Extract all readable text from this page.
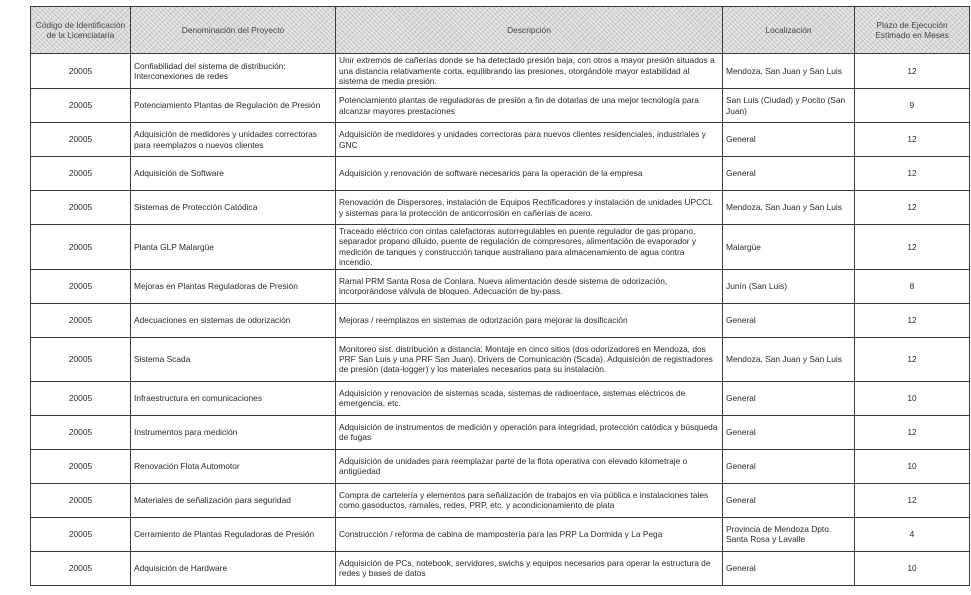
Código de Identificación de la Licenciataria	Denominación del Proyecto	Descripción	Localización	Plazo de Ejecución Estimado en Meses
20005	Confiabilidad del sistema de distribución: Interconexiones de redes	Unir extremos de cañerías donde se ha detectado presión baja, con otros a mayor presión situados a una distancia relativamente corta, equilibrando las presiones, otorgándole mayor estabilidad al sistema de media presión.	Mendoza, San Juan y San Luis	12
20005	Potenciamiento Plantas de Regulación de Presión	Potenciamiento plantas de reguladoras de presión a fin de dotarlas de una mejor tecnología para alcanzar mayores prestaciones	San Luis (Ciudad) y Pocito (San Juan)	9
20005	Adquisición de medidores y unidades correctoras para reemplazos o nuevos clientes	Adquisición de medidores y unidades correctoras para nuevos clientes residenciales, industriales y GNC	General	12
20005	Adquisición de Software	Adquisición y renovación de software necesarios para la operación de la empresa	General	12
20005	Sistemas de Protección Catódica	Renovación de Dispersores, instalación de Equipos Rectificadores y instalación de unidades UPCCL y sistemas para la protección de anticorrosión en cañerías de acero.	Mendoza, San Juan y San Luis	12
20005	Planta GLP Malargüe	Traceado eléctrico con cintas calefactoras autorregulables en puente regulador de gas propano, separador propano diluido, puente de regulación de compresores, alimentación de evaporador y medición de tanques y construcción tanque australiano para almacenamiento de agua contra incendio.	Malargüe	12
20005	Mejoras en Plantas Reguladoras de Presión	Ramal PRM Santa Rosa de Conlara. Nueva alimentación desde sistema de odorización, incorporándose válvula de bloqueo. Adecuación de by-pass.	Junín (San Luis)	8
20005	Adecuaciones en sistemas de odorización	Mejoras / reemplazos en sistemas de odorización para mejorar la dosificación	General	12
20005	Sistema Scada	Monitoreo sist. distribución a distancia: Montaje en cinco sitios (dos odorizadores en Mendoza, dos PRF San Luis y una PRF San Juan). Drivers de Comunicación (Scada). Adquisición de registradores de presión (data-logger) y los materiales necesarios para su instalación.	Mendoza, San Juan y San Luis	12
20005	Infraestructura en comunicaciones	Adquisición y renovación de sistemas scada, sistemas de radioenlace, sistemas eléctricos de emergencia, etc.	General	10
20005	Instrumentos para medición	Adquisición de instrumentos de medición y operación para integridad, protección catódica y búsqueda de fugas	General	12
20005	Renovación Flota Automotor	Adquisición de unidades para reemplazar parte de la flota operativa con elevado kilometraje o antigüedad	General	10
20005	Materiales de señalización para seguridad	Compra de cartelería y elementos para señalización de trabajos en vía pública e instalaciones tales como gasoductos, ramales, redes, PRP, etc. y acondicionamiento de plata	General	12
20005	Cerramiento de Plantas Reguladoras de Presión	Construcción / reforma de cabina de mampostería para las PRP La Dormida y La Pega	Provincia de Mendoza Dpto. Santa Rosa y Lavalle	4
20005	Adquisición de Hardware	Adquisición de PCs, notebook, servidores, swichs y equipos necesarios para operar la estructura de redes y bases de datos	General	10
